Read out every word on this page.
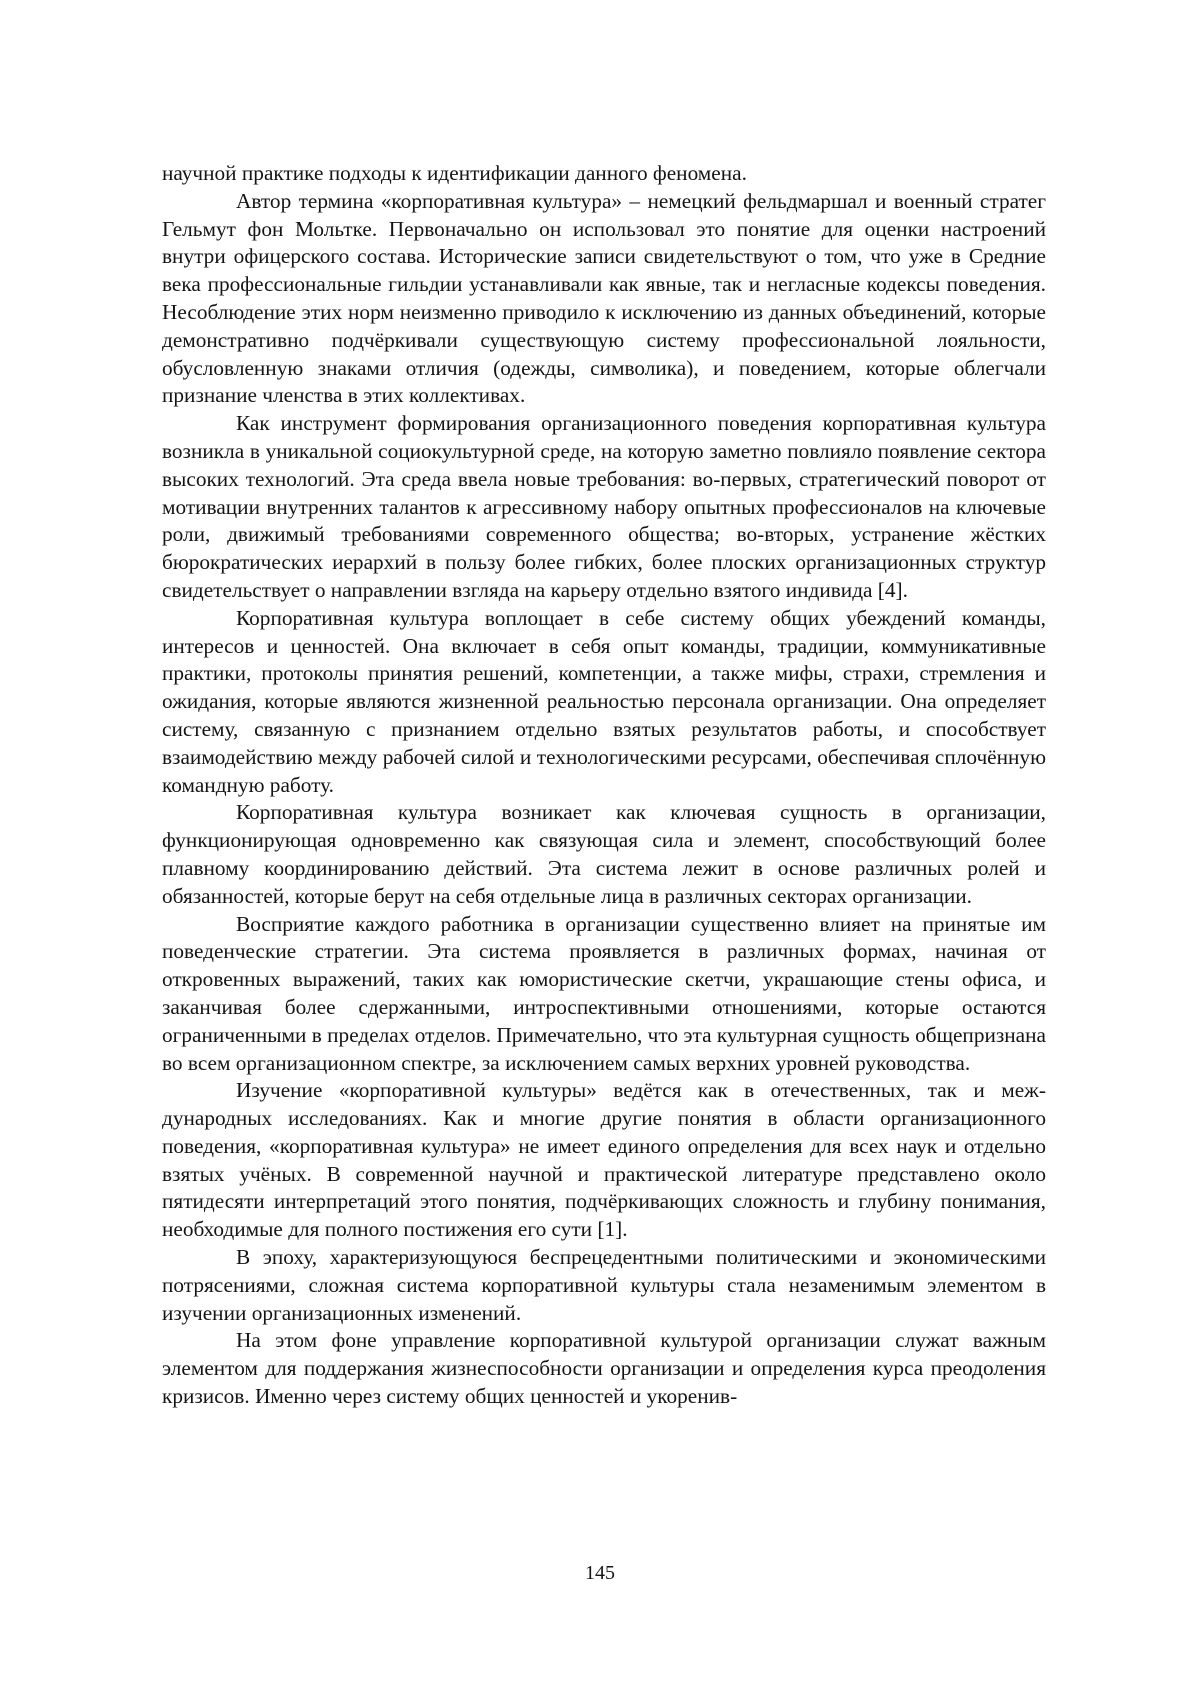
научной практике подходы к идентификации данного феномена.

Автор термина «корпоративная культура» – немецкий фельдмаршал и воен­ный стратег Гельмут фон Мольтке. Первоначально он использовал это понятие для оценки настроений внутри офицерского состава. Исторические записи свидетель­ствуют о том, что уже в Средние века профессиональные гильдии устанавливали как явные, так и негласные кодексы поведения. Несоблюдение этих норм неизменно при­водило к исключению из данных объединений, которые демонстративно подчёрки­вали существующую систему профессиональной лояльности, обусловленную зна­ками отличия (одежды, символика), и поведением, которые облегчали признание членства в этих коллективах.

Как инструмент формирования организационного поведения корпоративная культура возникла в уникальной социокультурной среде, на которую заметно повли­яло появление сектора высоких технологий. Эта среда ввела новые требования: во-первых, стратегический поворот от мотивации внутренних талантов к агрессивному набору опытных профессионалов на ключевые роли, движимый требованиями совре­менного общества; во-вторых, устранение жёстких бюрократических иерархий в пользу более гибких, более плоских организационных структур свидетельствует о направлении взгляда на карьеру отдельно взятого индивида [4].

Корпоративная культура воплощает в себе систему общих убеждений ко­манды, интересов и ценностей. Она включает в себя опыт команды, традиции, ком­муникативные практики, протоколы принятия решений, компетенции, а также мифы, страхи, стремления и ожидания, которые являются жизненной реальностью персо­нала организации. Она определяет систему, связанную с признанием отдельно взятых результатов работы, и способствует взаимодействию между рабочей силой и техно­логическими ресурсами, обеспечивая сплочённую командную работу.

Корпоративная культура возникает как ключевая сущность в организации, функционирующая одновременно как связующая сила и элемент, способствующий более плавному координированию действий. Эта система лежит в основе различных ролей и обязанностей, которые берут на себя отдельные лица в различных секторах организации.

Восприятие каждого работника в организации существенно влияет на приня­тые им поведенческие стратегии. Эта система проявляется в различных формах, начи­ная от откровенных выражений, таких как юмористические скетчи, украшающие стены офиса, и заканчивая более сдержанными, интроспективными отношениями, которые остаются ограниченными в пределах отделов. Примечательно, что эта куль­турная сущность общепризнана во всем организационном спектре, за исключением самых верхних уровней руководства.

Изучение «корпоративной культуры» ведётся как в отечественных, так и меж­дународных исследованиях. Как и многие другие понятия в области организацион­ного поведения, «корпоративная культура» не имеет единого определения для всех наук и отдельно взятых учёных. В современной научной и практической литературе представлено около пятидесяти интерпретаций этого понятия, подчёркивающих сложность и глубину понимания, необходимые для полного постижения его сути [1].

В эпоху, характеризующуюся беспрецедентными политическими и экономи­ческими потрясениями, сложная система корпоративной культуры стала незамени­мым элементом в изучении организационных изменений.

На этом фоне управление корпоративной культурой организации служат важ­ным элементом для поддержания жизнеспособности организации и определения курса преодоления кризисов. Именно через систему общих ценностей и укоренив-

145
